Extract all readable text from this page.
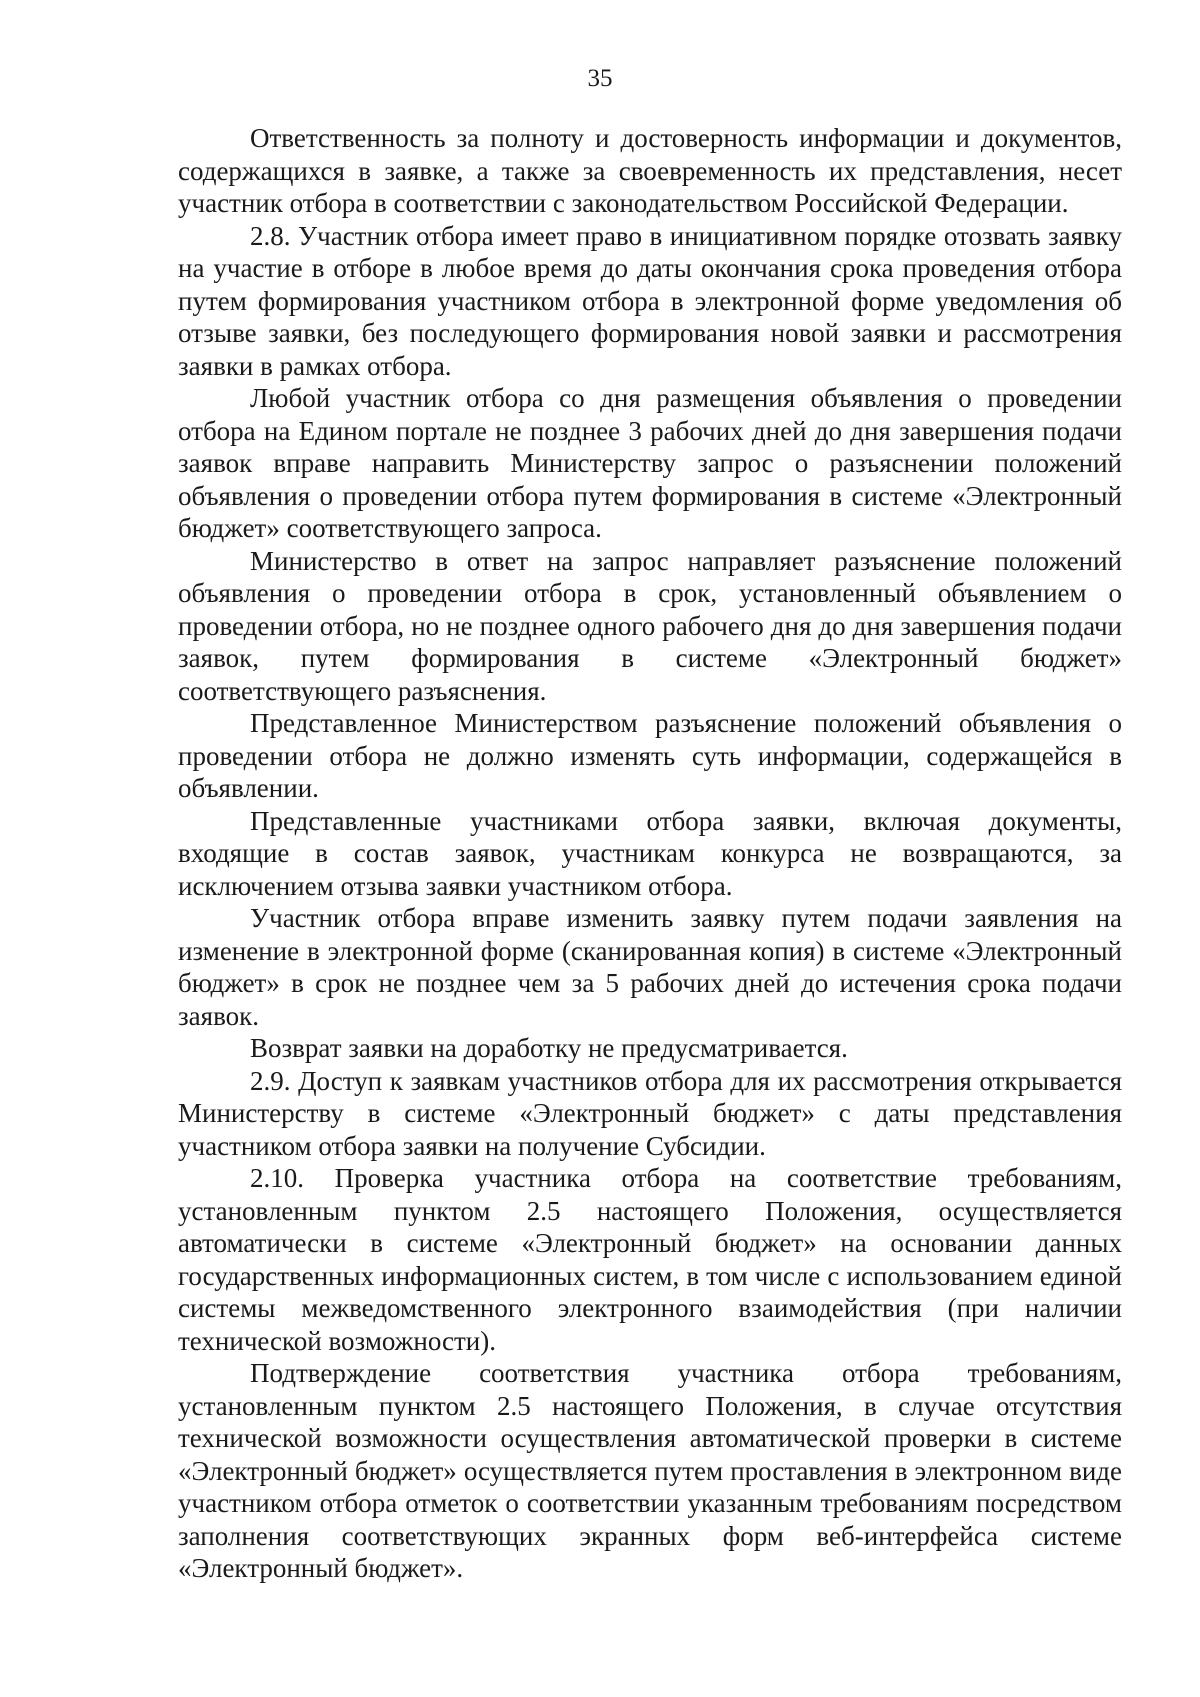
35

Ответственность за полноту и достоверность информации и документов, содержащихся в заявке, а также за своевременность их представления, несет участник отбора в соответствии с законодательством Российской Федерации.

2.8. Участник отбора имеет право в инициативном порядке отозвать заявку на участие в отборе в любое время до даты окончания срока проведения отбора путем формирования участником отбора в электронной форме уведомления об отзыве заявки, без последующего формирования новой заявки и рассмотрения заявки в рамках отбора.

Любой участник отбора со дня размещения объявления о проведении отбора на Едином портале не позднее 3 рабочих дней до дня завершения подачи заявок вправе направить Министерству запрос о разъяснении положений объявления о проведении отбора путем формирования в системе «Электронный бюджет» соответствующего запроса.

Министерство в ответ на запрос направляет разъяснение положений объявления о проведении отбора в срок, установленный объявлением о проведении отбора, но не позднее одного рабочего дня до дня завершения подачи заявок, путем формирования в системе «Электронный бюджет» соответствующего разъяснения.

Представленное Министерством разъяснение положений объявления о проведении отбора не должно изменять суть информации, содержащейся в объявлении.

Представленные участниками отбора заявки, включая документы, входящие в состав заявок, участникам конкурса не возвращаются, за исключением отзыва заявки участником отбора.

Участник отбора вправе изменить заявку путем подачи заявления на изменение в электронной форме (сканированная копия) в системе «Электронный бюджет» в срок не позднее чем за 5 рабочих дней до истечения срока подачи заявок.

Возврат заявки на доработку не предусматривается.

2.9. Доступ к заявкам участников отбора для их рассмотрения открывается Министерству в системе «Электронный бюджет» с даты представления участником отбора заявки на получение Субсидии.

2.10. Проверка участника отбора на соответствие требованиям, установленным пунктом 2.5 настоящего Положения, осуществляется автоматически в системе «Электронный бюджет» на основании данных государственных информационных систем, в том числе с использованием единой системы межведомственного электронного взаимодействия (при наличии технической возможности).

Подтверждение соответствия участника отбора требованиям, установленным пунктом 2.5 настоящего Положения, в случае отсутствия технической возможности осуществления автоматической проверки в системе «Электронный бюджет» осуществляется путем проставления в электронном виде участником отбора отметок о соответствии указанным требованиям посредством заполнения соответствующих экранных форм веб-интерфейса системе «Электронный бюджет».
